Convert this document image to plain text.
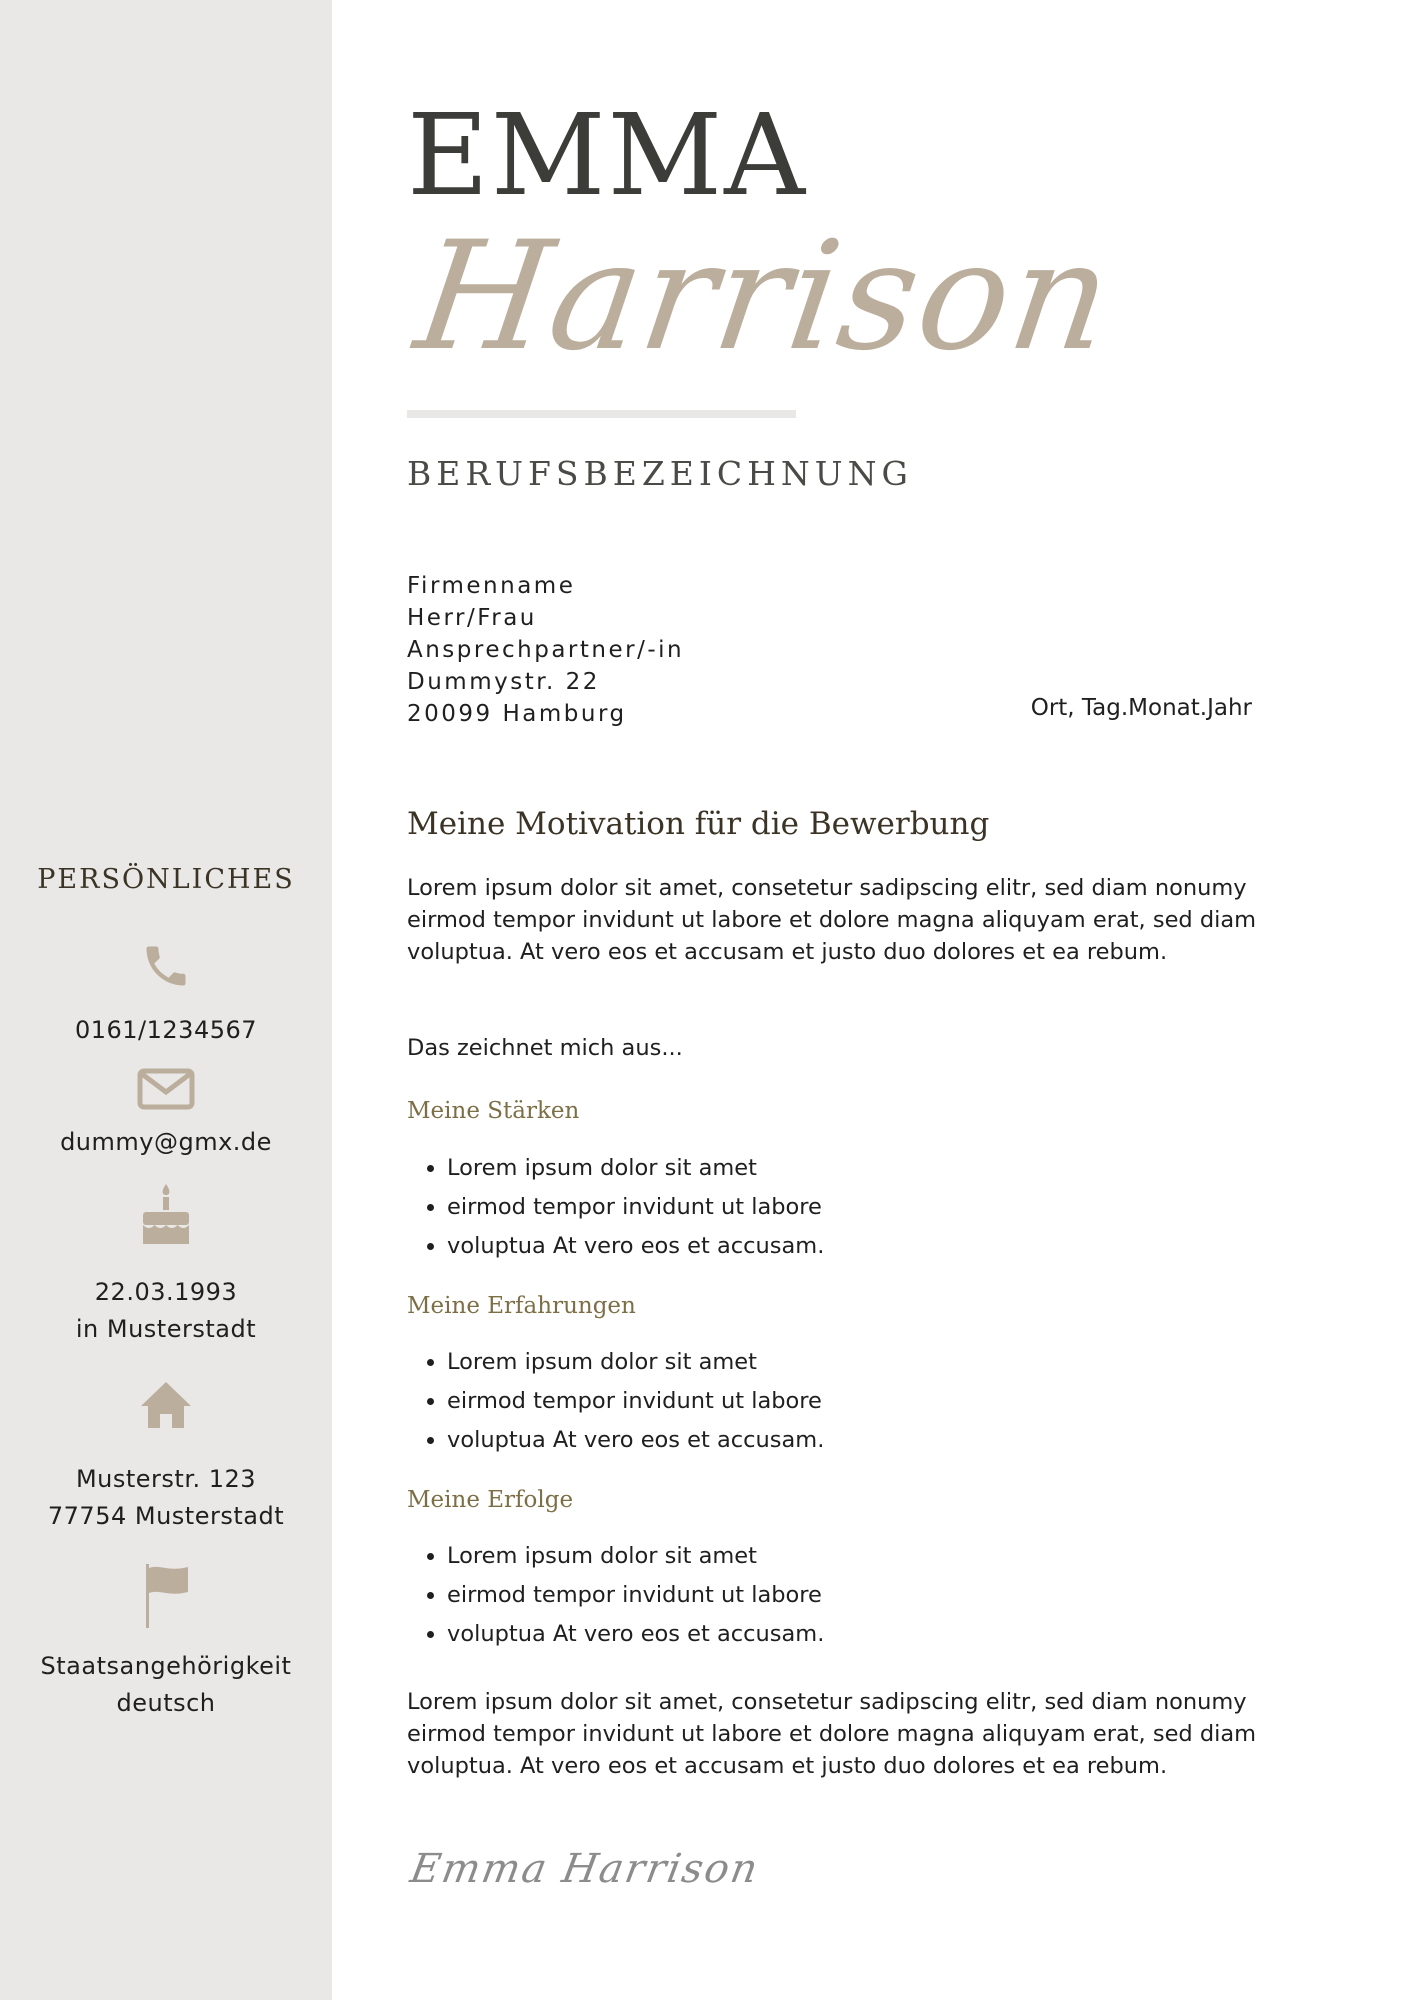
PERSÖNLICHES
0161/1234567
dummy@gmx.de
22.03.1993
in Musterstadt
Musterstr. 123
77754 Musterstadt
Staatsangehörigkeit
deutsch
EMMA
Harrison
BERUFSBEZEICHNUNG
Firmenname
Herr/Frau
Ansprechpartner/-in
Dummystr. 22
20099 Hamburg	Ort, Tag.Monat.Jahr
Meine Motivation für die Bewerbung
Lorem ipsum dolor sit amet, consetetur sadipscing elitr, sed diam nonumy eirmod tempor invidunt ut labore et dolore magna aliquyam erat, sed diam voluptua. At vero eos et accusam et justo duo dolores et ea rebum.
Das zeichnet mich aus...
Meine Stärken
• Lorem ipsum dolor sit amet
• eirmod tempor invidunt ut labore
• voluptua At vero eos et accusam.
Meine Erfahrungen
• Lorem ipsum dolor sit amet
• eirmod tempor invidunt ut labore
• voluptua At vero eos et accusam.
Meine Erfolge
• Lorem ipsum dolor sit amet
• eirmod tempor invidunt ut labore
• voluptua At vero eos et accusam.
Lorem ipsum dolor sit amet, consetetur sadipscing elitr, sed diam nonumy eirmod tempor invidunt ut labore et dolore magna aliquyam erat, sed diam voluptua. At vero eos et accusam et justo duo dolores et ea rebum.
Emma Harrison
